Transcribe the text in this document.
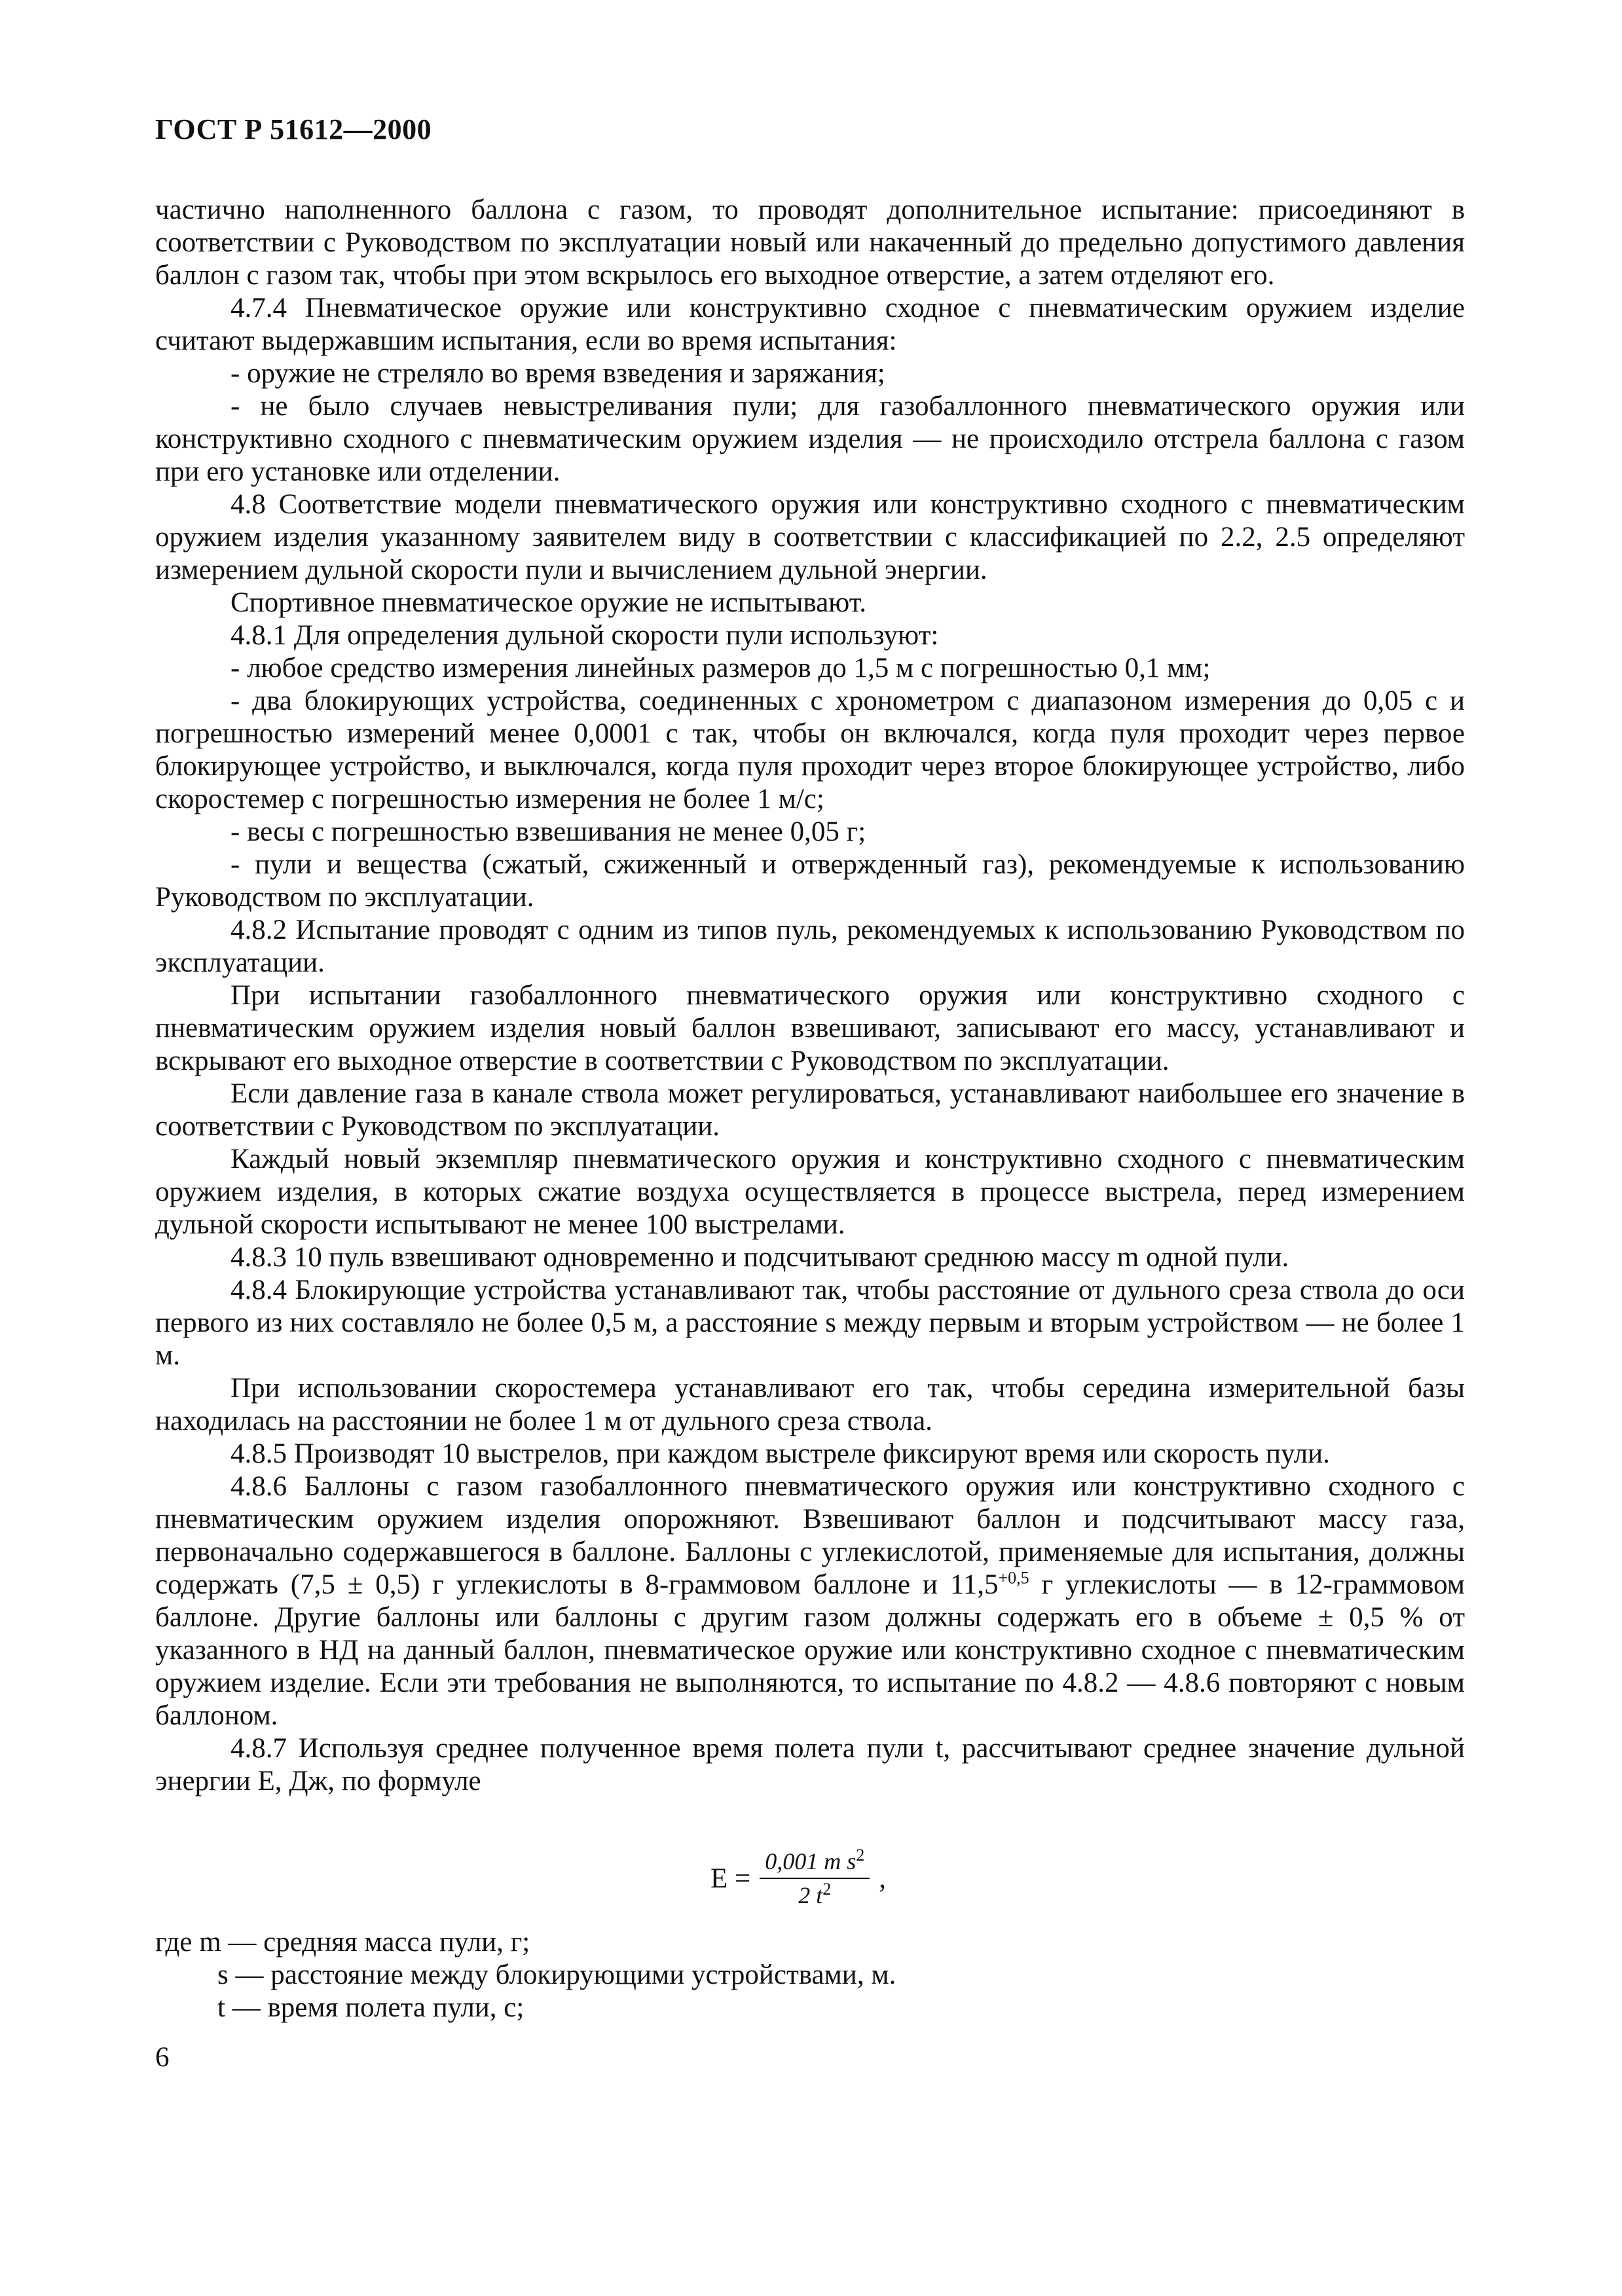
ГОСТ Р 51612—2000

частично наполненного баллона с газом, то проводят дополнительное испытание: присоединяют в соответствии с Руководством по эксплуатации новый или накаченный до предельно допустимого давления баллон с газом так, чтобы при этом вскрылось его выходное отверстие, а затем отделяют его.

4.7.4 Пневматическое оружие или конструктивно сходное с пневматическим оружием изделие считают выдержавшим испытания, если во время испытания:

- оружие не стреляло во время взведения и заряжания;

- не было случаев невыстреливания пули; для газобаллонного пневматического оружия или конструктивно сходного с пневматическим оружием изделия — не происходило отстрела баллона с газом при его установке или отделении.

4.8 Соответствие модели пневматического оружия или конструктивно сходного с пневматическим оружием изделия указанному заявителем виду в соответствии с классификацией по 2.2, 2.5 определяют измерением дульной скорости пули и вычислением дульной энергии.

Спортивное пневматическое оружие не испытывают.

4.8.1 Для определения дульной скорости пули используют:

- любое средство измерения линейных размеров до 1,5 м с погрешностью 0,1 мм;

- два блокирующих устройства, соединенных с хронометром с диапазоном измерения до 0,05 с и погрешностью измерений менее 0,0001 с так, чтобы он включался, когда пуля проходит через первое блокирующее устройство, и выключался, когда пуля проходит через второе блокирующее устройство, либо скоростемер с погрешностью измерения не более 1 м/с;

- весы с погрешностью взвешивания не менее 0,05 г;

- пули и вещества (сжатый, сжиженный и отвержденный газ), рекомендуемые к использованию Руководством по эксплуатации.

4.8.2 Испытание проводят с одним из типов пуль, рекомендуемых к использованию Руководством по эксплуатации.

При испытании газобаллонного пневматического оружия или конструктивно сходного с пневматическим оружием изделия новый баллон взвешивают, записывают его массу, устанавливают и вскрывают его выходное отверстие в соответствии с Руководством по эксплуатации.

Если давление газа в канале ствола может регулироваться, устанавливают наибольшее его значение в соответствии с Руководством по эксплуатации.

Каждый новый экземпляр пневматического оружия и конструктивно сходного с пневматическим оружием изделия, в которых сжатие воздуха осуществляется в процессе выстрела, перед измерением дульной скорости испытывают не менее 100 выстрелами.

4.8.3 10 пуль взвешивают одновременно и подсчитывают среднюю массу m одной пули.

4.8.4 Блокирующие устройства устанавливают так, чтобы расстояние от дульного среза ствола до оси первого из них составляло не более 0,5 м, а расстояние s между первым и вторым устройством — не более 1 м.

При использовании скоростемера устанавливают его так, чтобы середина измерительной базы находилась на расстоянии не более 1 м от дульного среза ствола.

4.8.5 Производят 10 выстрелов, при каждом выстреле фиксируют время или скорость пули.

4.8.6 Баллоны с газом газобаллонного пневматического оружия или конструктивно сходного с пневматическим оружием изделия опорожняют. Взвешивают баллон и подсчитывают массу газа, первоначально содержавшегося в баллоне. Баллоны с углекислотой, применяемые для испытания, должны содержать (7,5 ± 0,5) г углекислоты в 8-граммовом баллоне и $11,5^{+0,5}$ г углекислоты — в 12-граммовом баллоне. Другие баллоны или баллоны с другим газом должны содержать его в объеме ± 0,5 % от указанного в НД на данный баллон, пневматическое оружие или конструктивно сходное с пневматическим оружием изделие. Если эти требования не выполняются, то испытание по 4.8.2 — 4.8.6 повторяют с новым баллоном.

4.8.7 Используя среднее полученное время полета пули t, рассчитывают среднее значение дульной энергии E, Дж, по формуле

$E = \frac{0,001 m s^2}{2 t^2}$ ,

где m — средняя масса пули, г;

s — расстояние между блокирующими устройствами, м.

t — время полета пули, с;

6
